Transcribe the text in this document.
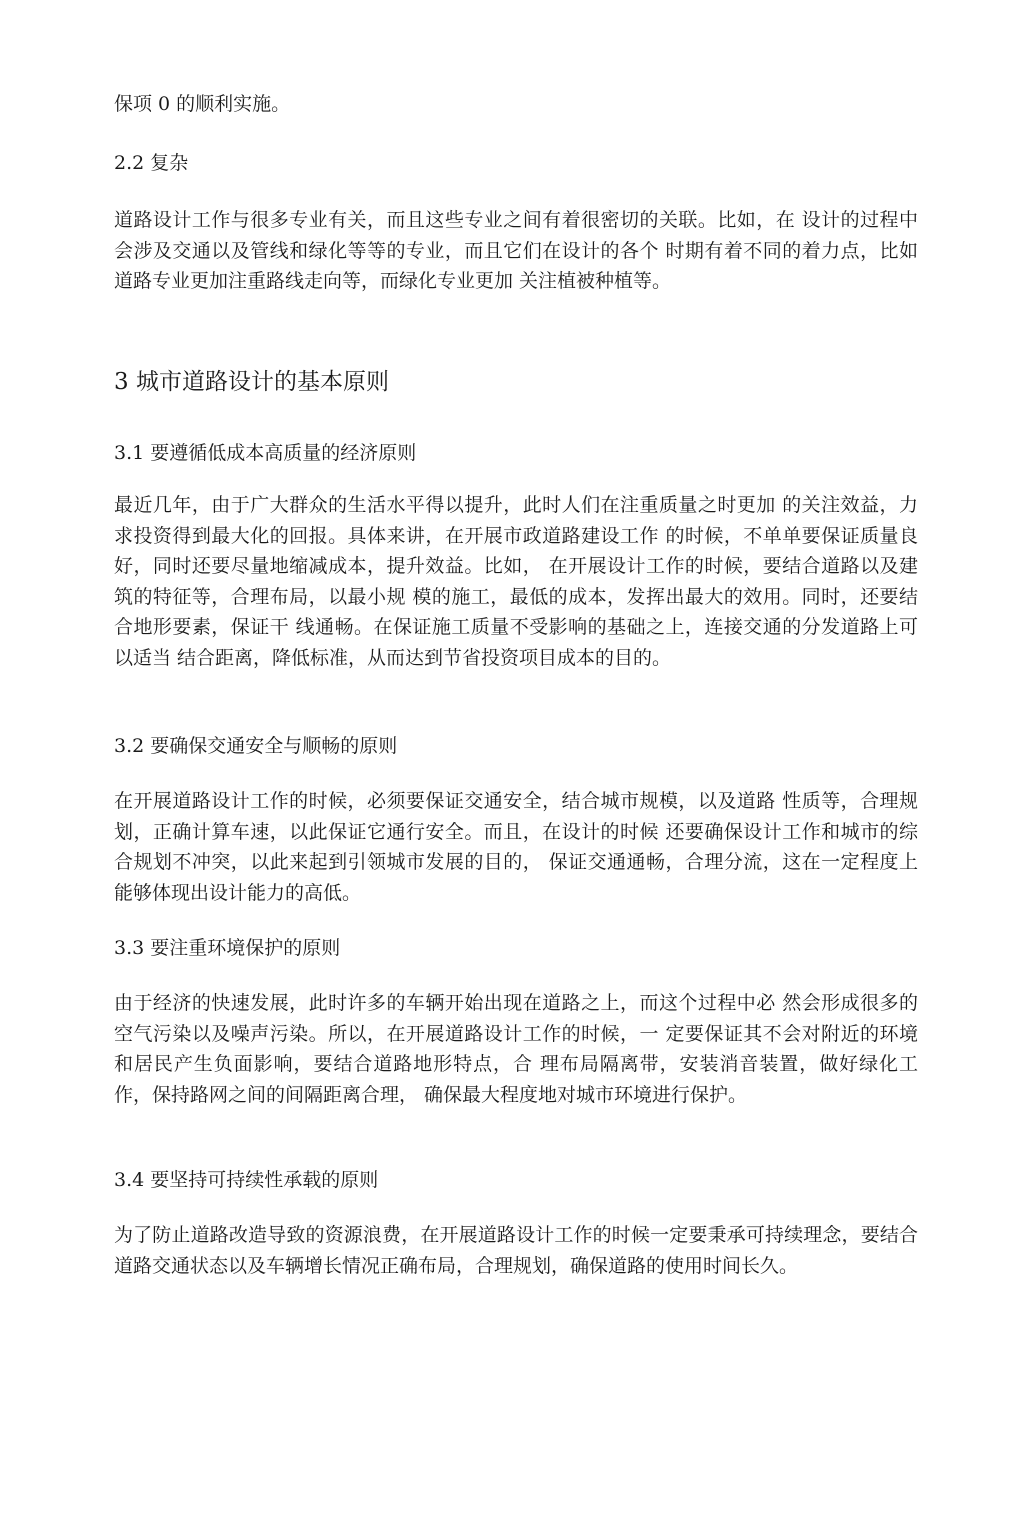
保项 0 的顺利实施。

2.2 复杂

道路设计工作与很多专业有关，而且这些专业之间有着很密切的关联。比如，在 设计的过程中会涉及交通以及管线和绿化等等的专业，而且它们在设计的各个 时期有着不同的着力点，比如道路专业更加注重路线走向等，而绿化专业更加 关注植被种植等。

3 城市道路设计的基本原则

3.1 要遵循低成本高质量的经济原则

最近几年，由于广大群众的生活水平得以提升，此时人们在注重质量之时更加 的关注效益，力求投资得到最大化的回报。具体来讲，在开展市政道路建设工作 的时候，不单单要保证质量良好，同时还要尽量地缩减成本，提升效益。比如， 在开展设计工作的时候，要结合道路以及建筑的特征等，合理布局，以最小规 模的施工，最低的成本，发挥出最大的效用。同时，还要结合地形要素，保证干 线通畅。在保证施工质量不受影响的基础之上，连接交通的分发道路上可以适当 结合距离，降低标准，从而达到节省投资项目成本的目的。

3.2 要确保交通安全与顺畅的原则

在开展道路设计工作的时候，必须要保证交通安全，结合城市规模，以及道路 性质等，合理规划，正确计算车速，以此保证它通行安全。而且，在设计的时候 还要确保设计工作和城市的综合规划不冲突，以此来起到引领城市发展的目的， 保证交通通畅，合理分流，这在一定程度上能够体现出设计能力的高低。

3.3 要注重环境保护的原则

由于经济的快速发展，此时许多的车辆开始出现在道路之上，而这个过程中必 然会形成很多的空气污染以及噪声污染。所以，在开展道路设计工作的时候，一 定要保证其不会对附近的环境和居民产生负面影响，要结合道路地形特点，合 理布局隔离带，安装消音装置，做好绿化工作，保持路网之间的间隔距离合理， 确保最大程度地对城市环境进行保护。

3.4 要坚持可持续性承载的原则

为了防止道路改造导致的资源浪费，在开展道路设计工作的时候一定要秉承可持续理念，要结合道路交通状态以及车辆增长情况正确布局，合理规划，确保道路的使用时间长久。
